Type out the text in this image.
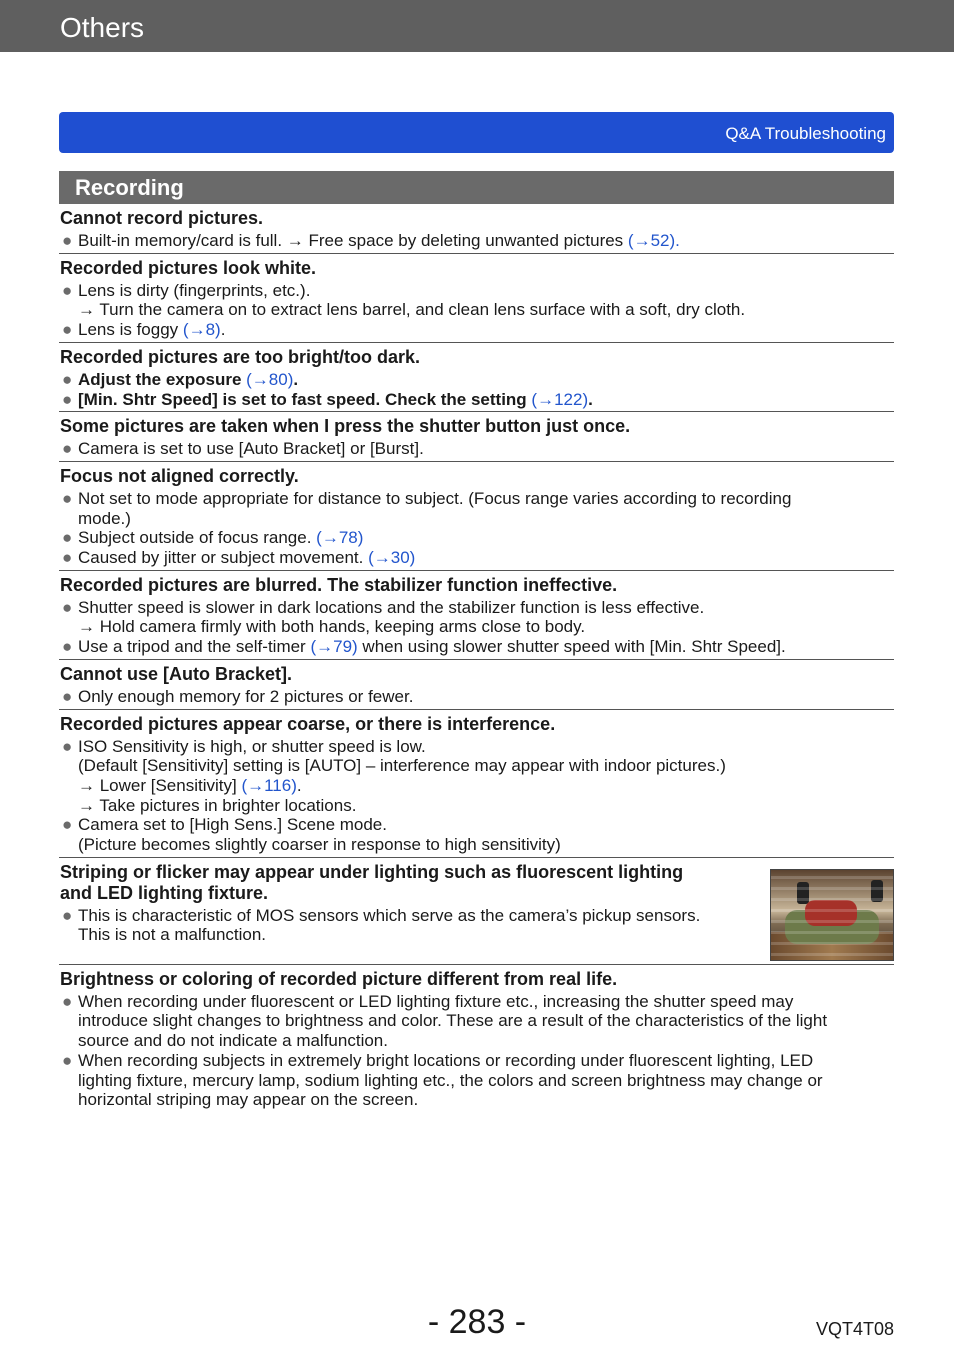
Others
Q&A Troubleshooting
Recording
Cannot record pictures.
● Built-in memory/card is full. → Free space by deleting unwanted pictures (→52).
Recorded pictures look white.
● Lens is dirty (fingerprints, etc.).
→ Turn the camera on to extract lens barrel, and clean lens surface with a soft, dry cloth.
● Lens is foggy (→8).
Recorded pictures are too bright/too dark.
● Adjust the exposure (→80).
● [Min. Shtr Speed] is set to fast speed. Check the setting (→122).
Some pictures are taken when I press the shutter button just once.
● Camera is set to use [Auto Bracket] or [Burst].
Focus not aligned correctly.
● Not set to mode appropriate for distance to subject. (Focus range varies according to recording
mode.)
● Subject outside of focus range. (→78)
● Caused by jitter or subject movement. (→30)
Recorded pictures are blurred. The stabilizer function ineffective.
● Shutter speed is slower in dark locations and the stabilizer function is less effective.
→ Hold camera firmly with both hands, keeping arms close to body.
● Use a tripod and the self-timer (→79) when using slower shutter speed with [Min. Shtr Speed].
Cannot use [Auto Bracket].
● Only enough memory for 2 pictures or fewer.
Recorded pictures appear coarse, or there is interference.
● ISO Sensitivity is high, or shutter speed is low.
(Default [Sensitivity] setting is [AUTO] – interference may appear with indoor pictures.)
→ Lower [Sensitivity] (→116).
→ Take pictures in brighter locations.
● Camera set to [High Sens.] Scene mode.
(Picture becomes slightly coarser in response to high sensitivity)
Striping or flicker may appear under lighting such as fluorescent lighting
and LED lighting fixture.
● This is characteristic of MOS sensors which serve as the camera’s pickup sensors.
This is not a malfunction.
Brightness or coloring of recorded picture different from real life.
● When recording under fluorescent or LED lighting fixture etc., increasing the shutter speed may
introduce slight changes to brightness and color. These are a result of the characteristics of the light
source and do not indicate a malfunction.
● When recording subjects in extremely bright locations or recording under fluorescent lighting, LED
lighting fixture, mercury lamp, sodium lighting etc., the colors and screen brightness may change or
horizontal striping may appear on the screen.
- 283 -	VQT4T08
